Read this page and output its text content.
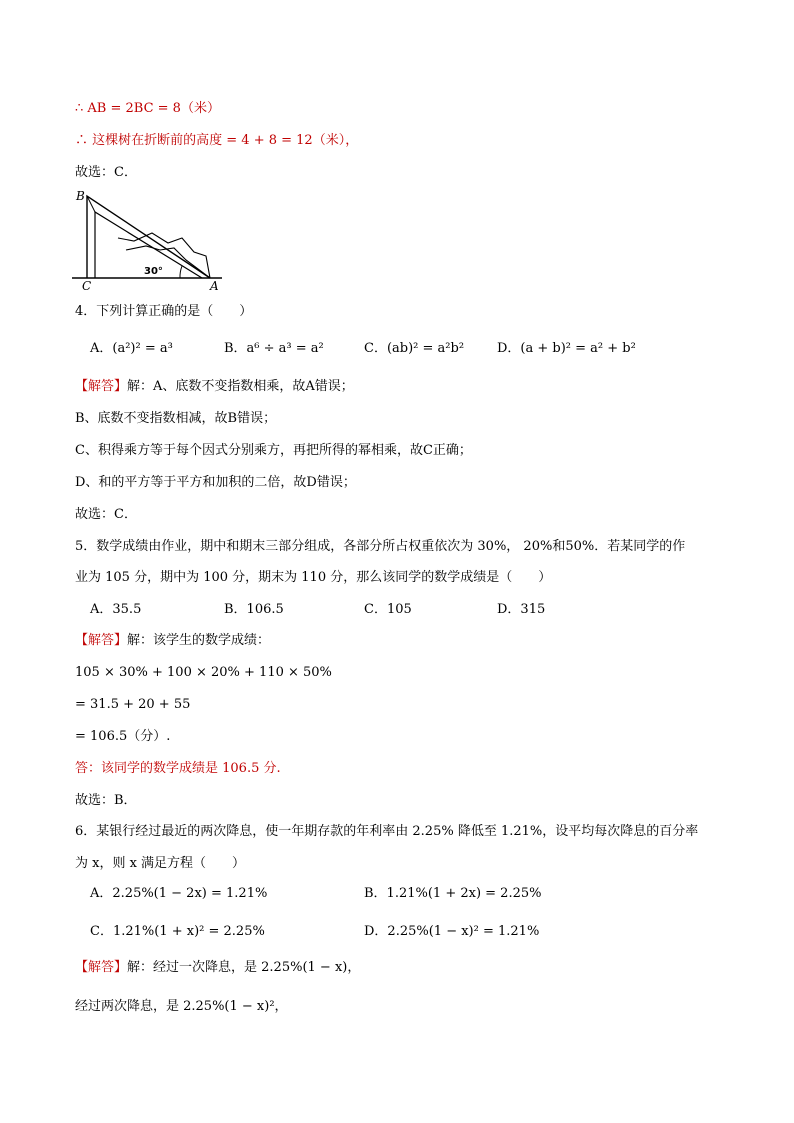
∴ AB = 2BC = 8（米）
∴ 这棵树在折断前的高度 = 4 + 8 = 12（米），
故选：C．
B
C	A
30°
4．下列计算正确的是（　　）
A．(a²)² = a³	B．a⁶ ÷ a³ = a²	C．(ab)² = a²b²	D．(a + b)² = a² + b²
【解答】解：A、底数不变指数相乘，故A错误；
B、底数不变指数相减，故B错误；
C、积得乘方等于每个因式分别乘方，再把所得的幂相乘，故C正确；
D、和的平方等于平方和加积的二倍，故D错误；
故选：C．
5．数学成绩由作业，期中和期末三部分组成，各部分所占权重依次为 30%， 20%和50%．若某同学的作
业为 105 分，期中为 100 分，期末为 110 分，那么该同学的数学成绩是（　　）
A．35.5	B．106.5	C．105	D．315
【解答】解：该学生的数学成绩：
105 × 30% + 100 × 20% + 110 × 50%
= 31.5 + 20 + 55
= 106.5（分）.
答：该同学的数学成绩是 106.5 分.
故选：B．
6．某银行经过最近的两次降息，使一年期存款的年利率由 2.25% 降低至 1.21%，设平均每次降息的百分率
为 x，则 x 满足方程（　　）
A．2.25%(1 − 2x) = 1.21%	B．1.21%(1 + 2x) = 2.25%
C．1.21%(1 + x)² = 2.25%	D．2.25%(1 − x)² = 1.21%
【解答】解：经过一次降息，是 2.25%(1 − x)，
经过两次降息，是 2.25%(1 − x)²，
